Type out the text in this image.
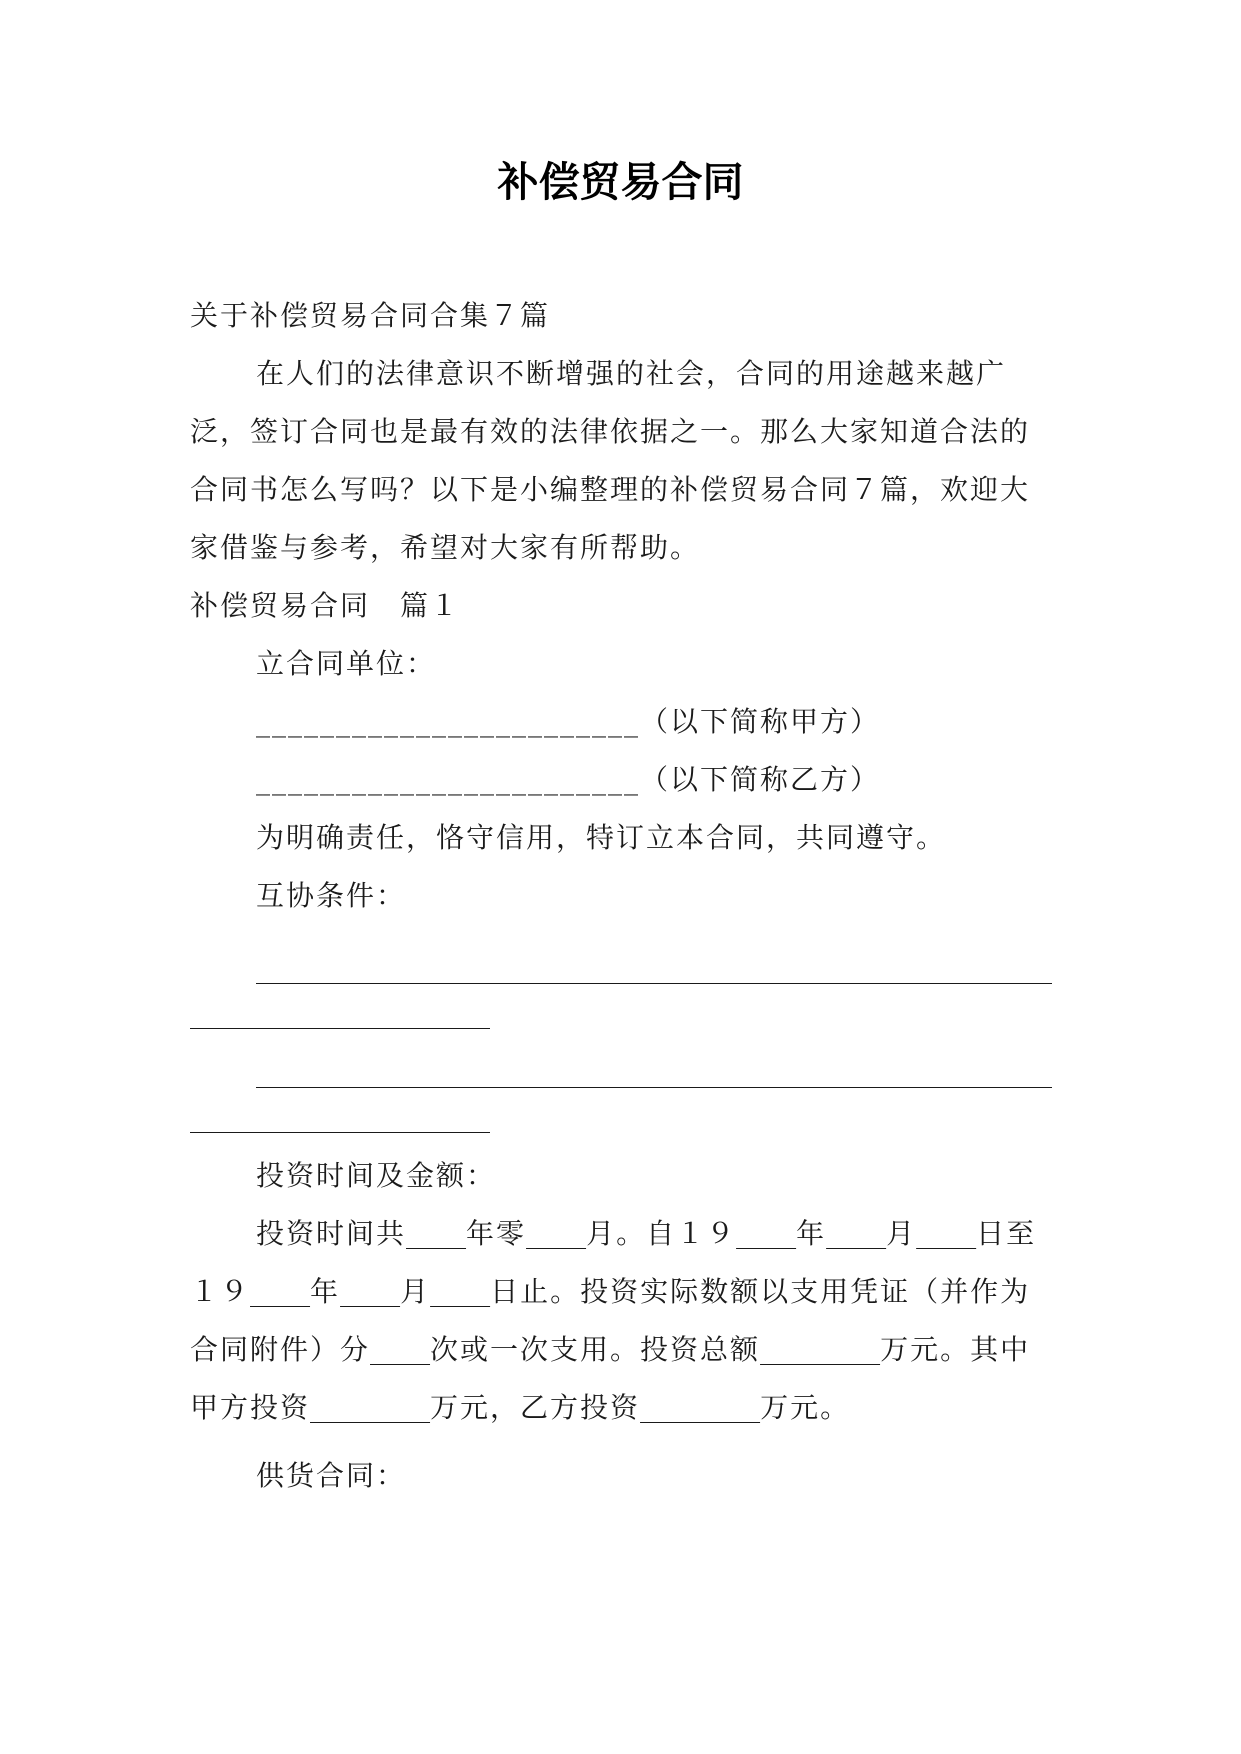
补偿贸易合同

关于补偿贸易合同合集７篇

在人们的法律意识不断增强的社会，合同的用途越来越广泛，签订合同也是最有效的法律依据之一。那么大家知道合法的合同书怎么写吗？以下是小编整理的补偿贸易合同７篇，欢迎大家借鉴与参考，希望对大家有所帮助。

补偿贸易合同　篇１

立合同单位：

________________________（以下简称甲方）

________________________（以下简称乙方）

为明确责任，恪守信用，特订立本合同，共同遵守。

互协条件：

投资时间及金额：

投资时间共　　 年零　　 月。自１９　　 年　　 月　　 日至１９　　 年　　 月　　 日止。投资实际数额以支用凭证（并作为合同附件）分　　 次或一次支用。投资总额　　　　	万元。其中甲方投资　　　　	万元，乙方投资　　　　	万元。

供货合同：
